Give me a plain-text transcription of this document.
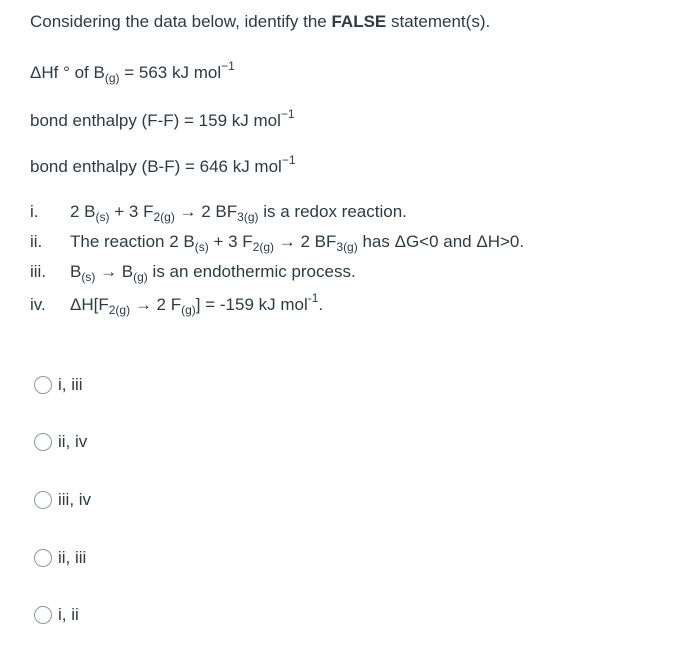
Considering the data below, identify the FALSE statement(s).
ΔHf ° of $B_{(g)} = 563$ kJ mol$^{-1}$
bond enthalpy (F-F) = 159 kJ mol$^{-1}$
bond enthalpy (B-F) = 646 kJ mol$^{-1}$
i. 2 $B_{(s)} + 3$ $F_{2(g)} \to 2$ $BF_{3(g)}$ is a redox reaction.
ii. The reaction 2 $B_{(s)} + 3$ $F_{2(g)} \to 2$ $BF_{3(g)}$ has ΔG<0 and ΔH>0.
iii. $B_{(s)} \to B_{(g)}$ is an endothermic process.
iv. $\Delta H[F_{2(g)} \to 2$ $F_{(g)}] = -159$ kJ mol$^{-1}$.
i, iii
ii, iv
iii, iv
ii, iii
i, ii
